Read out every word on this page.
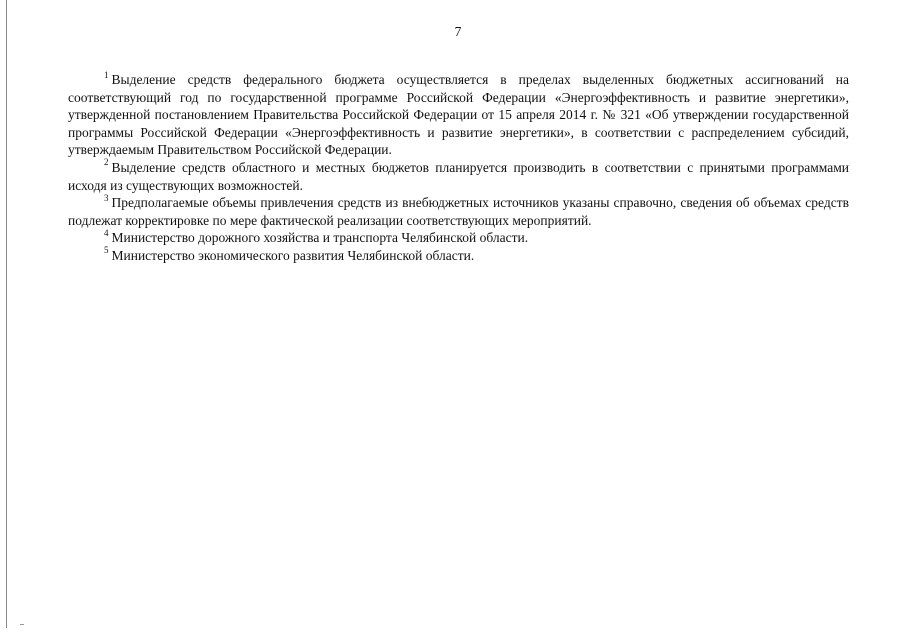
7

$^1$ Выделение средств федерального бюджета осуществляется в пределах выделенных бюджетных ассигнований на соответствующий год по государственной программе Российской Федерации «Энергоэффективность и развитие энергетики», утвержденной постановлением Правительства Российской Федерации от 15 апреля 2014 г. № 321 «Об утверждении государственной программы Российской Федерации «Энергоэффективность и развитие энергетики», в соответствии с распределением субсидий, утверждаемым Правительством Российской Федерации.

$^2$ Выделение средств областного и местных бюджетов планируется производить в соответствии с принятыми программами исходя из существующих возможностей.

$^3$ Предполагаемые объемы привлечения средств из внебюджетных источников указаны справочно, сведения об объемах средств подлежат корректировке по мере фактической реализации соответствующих мероприятий.

$^4$ Министерство дорожного хозяйства и транспорта Челябинской области.

$^5$ Министерство экономического развития Челябинской области.
